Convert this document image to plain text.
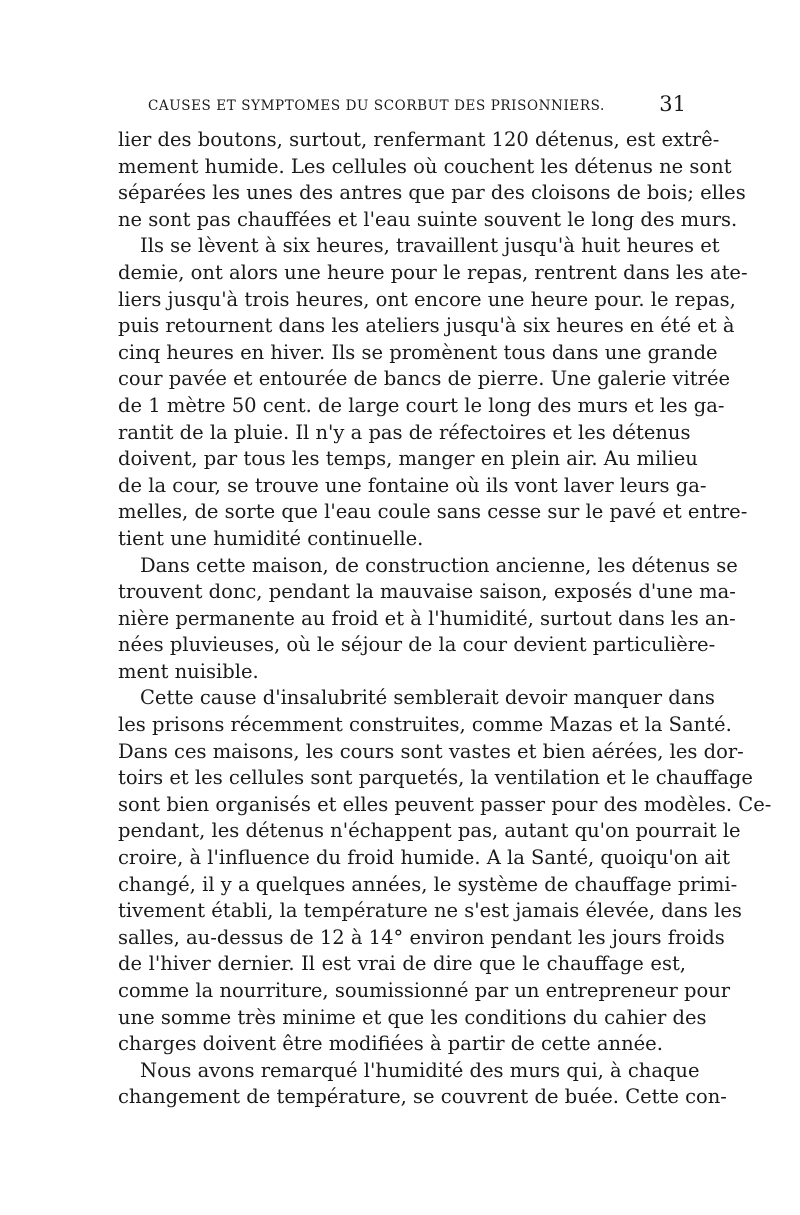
CAUSES ET SYMPTOMES DU SCORBUT DES PRISONNIERS.	31
lier des boutons, surtout, renfermant 120 détenus, est extrê-
mement humide. Les cellules où couchent les détenus ne sont
séparées les unes des antres que par des cloisons de bois; elles
ne sont pas chauffées et l'eau suinte souvent le long des murs.
Ils se lèvent à six heures, travaillent jusqu'à huit heures et
demie, ont alors une heure pour le repas, rentrent dans les ate-
liers jusqu'à trois heures, ont encore une heure pour. le repas,
puis retournent dans les ateliers jusqu'à six heures en été et à
cinq heures en hiver. Ils se promènent tous dans une grande
cour pavée et entourée de bancs de pierre. Une galerie vitrée
de 1 mètre 50 cent. de large court le long des murs et les ga-
rantit de la pluie. Il n'y a pas de réfectoires et les détenus
doivent, par tous les temps, manger en plein air. Au milieu
de la cour, se trouve une fontaine où ils vont laver leurs ga-
melles, de sorte que l'eau coule sans cesse sur le pavé et entre-
tient une humidité continuelle.
Dans cette maison, de construction ancienne, les détenus se
trouvent donc, pendant la mauvaise saison, exposés d'une ma-
nière permanente au froid et à l'humidité, surtout dans les an-
nées pluvieuses, où le séjour de la cour devient particulière-
ment nuisible.
Cette cause d'insalubrité semblerait devoir manquer dans
les prisons récemment construites, comme Mazas et la Santé.
Dans ces maisons, les cours sont vastes et bien aérées, les dor-
toirs et les cellules sont parquetés, la ventilation et le chauffage
sont bien organisés et elles peuvent passer pour des modèles. Ce-
pendant, les détenus n'échappent pas, autant qu'on pourrait le
croire, à l'influence du froid humide. A la Santé, quoiqu'on ait
changé, il y a quelques années, le système de chauffage primi-
tivement établi, la température ne s'est jamais élevée, dans les
salles, au-dessus de 12 à 14° environ pendant les jours froids
de l'hiver dernier. Il est vrai de dire que le chauffage est,
comme la nourriture, soumissionné par un entrepreneur pour
une somme très minime et que les conditions du cahier des
charges doivent être modifiées à partir de cette année.
Nous avons remarqué l'humidité des murs qui, à chaque
changement de température, se couvrent de buée. Cette con-
